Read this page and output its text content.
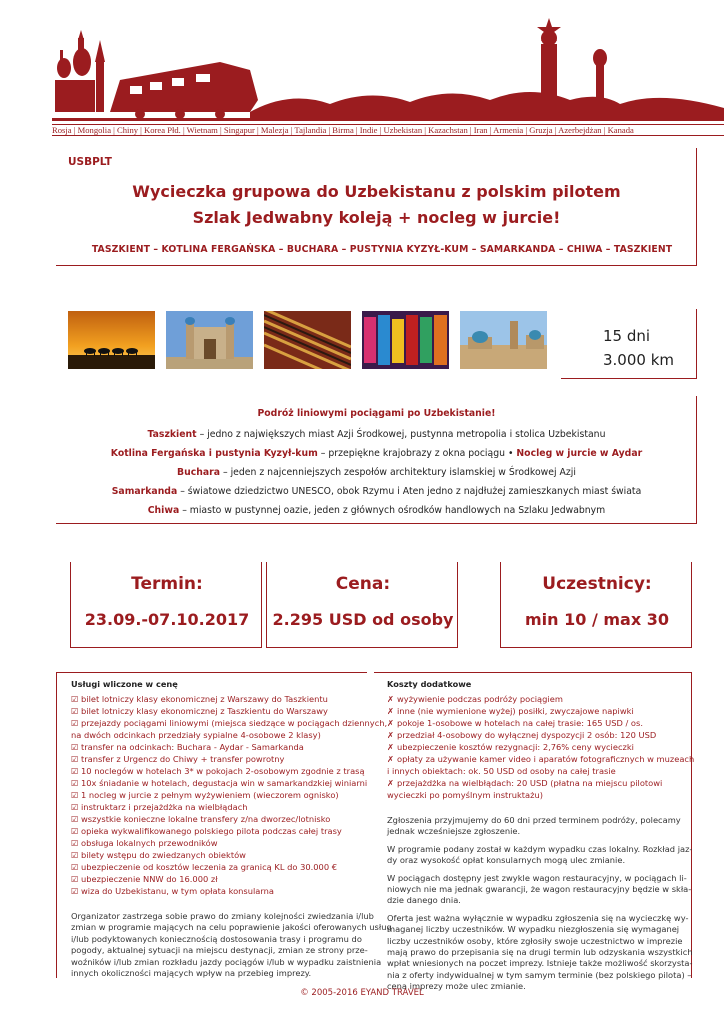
Rosja | Mongolia | Chiny | Korea Płd. | Wietnam | Singapur | Malezja | Tajlandia | Birma | Indie | Uzbekistan | Kazachstan | Iran | Armenia | Gruzja | Azerbejdżan | Kanada
USBPLT
Wycieczka grupowa do Uzbekistanu z polskim pilotem
Szlak Jedwabny koleją + nocleg w jurcie!
TASZKIENT – KOTLINA FERGAŃSKA – BUCHARA – PUSTYNIA KYZYŁ-KUM – SAMARKANDA – CHIWA – TASZKIENT
15 dni
3.000 km
Podróż liniowymi pociągami po Uzbekistanie!
Taszkient – jedno z największych miast Azji Środkowej, pustynna metropolia i stolica Uzbekistanu
Kotlina Fergańska i pustynia Kyzył-kum – przepiękne krajobrazy z okna pociągu • Nocleg w jurcie w Aydar
Buchara – jeden z najcenniejszych zespołów architektury islamskiej w Środkowej Azji
Samarkanda – światowe dziedzictwo UNESCO, obok Rzymu i Aten jedno z najdłużej zamieszkanych miast świata
Chiwa – miasto w pustynnej oazie, jeden z głównych ośrodków handlowych na Szlaku Jedwabnym
Termin:
23.09.-07.10.2017
Cena:
2.295 USD od osoby
Uczestnicy:
min 10 / max 30
Usługi wliczone w cenę
☑ bilet lotniczy klasy ekonomicznej z Warszawy do Taszkientu
☑ bilet lotniczy klasy ekonomicznej z Taszkientu do Warszawy
☑ przejazdy pociągami liniowymi (miejsca siedzące w pociągach dziennych,
na dwóch odcinkach przedziały sypialne 4-osobowe 2 klasy)
☑ transfer na odcinkach: Buchara - Aydar - Samarkanda
☑ transfer z Urgencz do Chiwy + transfer powrotny
☑ 10 noclegów w hotelach 3* w pokojach 2-osobowym zgodnie z trasą
☑ 10x śniadanie w hotelach, degustacja win w samarkandzkiej winiarni
☑ 1 nocleg w jurcie z pełnym wyżywieniem (wieczorem ognisko)
☑ instruktarz i przejażdżka na wielbłądach
☑ wszystkie konieczne lokalne transfery z/na dworzec/lotnisko
☑ opieka wykwalifikowanego polskiego pilota podczas całej trasy
☑ obsługa lokalnych przewodników
☑ bilety wstępu do zwiedzanych obiektów
☑ ubezpieczenie od kosztów leczenia za granicą KL do 30.000 €
☑ ubezpieczenie NNW do 16.000 zł
☑ wiza do Uzbekistanu, w tym opłata konsularna
Organizator zastrzega sobie prawo do zmiany kolejności zwiedzania i/lub
zmian w programie mających na celu poprawienie jakości oferowanych usług
i/lub podyktowanych koniecznością dostosowania trasy i programu do
pogody, aktualnej sytuacji na miejscu destynacji, zmian ze strony prze-
woźników i/lub zmian rozkładu jazdy pociągów i/lub w wypadku zaistnienia
innych okoliczności mających wpływ na przebieg imprezy.
Koszty dodatkowe
✗ wyżywienie podczas podróży pociągiem
✗ inne (nie wymienione wyżej) posiłki, zwyczajowe napiwki
✗ pokoje 1-osobowe w hotelach na całej trasie: 165 USD / os.
✗ przedział 4-osobowy do wyłącznej dyspozycji 2 osób: 120 USD
✗ ubezpieczenie kosztów rezygnacji: 2,76% ceny wycieczki
✗ opłaty za używanie kamer video i aparatów fotograficznych w muzeach
i innych obiektach: ok. 50 USD od osoby na całej trasie
✗ przejażdżka na wielbłądach: 20 USD (płatna na miejscu pilotowi
wycieczki po pomyślnym instruktażu)
Zgłoszenia przyjmujemy do 60 dni przed terminem podróży, polecamy
jednak wcześniejsze zgłoszenie.
W programie podany został w każdym wypadku czas lokalny. Rozkład jaz-
dy oraz wysokość opłat konsularnych mogą ulec zmianie.
W pociągach dostępny jest zwykle wagon restauracyjny, w pociągach li-
niowych nie ma jednak gwarancji, że wagon restauracyjny będzie w skła-
dzie danego dnia.
Oferta jest ważna wyłącznie w wypadku zgłoszenia się na wycieczkę wy-
maganej liczby uczestników. W wypadku niezgłoszenia się wymaganej
liczby uczestników osoby, które zgłosiły swoje uczestnictwo w imprezie
mają prawo do przepisania się na drugi termin lub odzyskania wszystkich
wpłat wniesionych na poczet imprezy. Istnieje także możliwość skorzysta-
nia z oferty indywidualnej w tym samym terminie (bez polskiego pilota) –
cena imprezy może ulec zmianie.
© 2005-2016 EYAND TRAVEL
